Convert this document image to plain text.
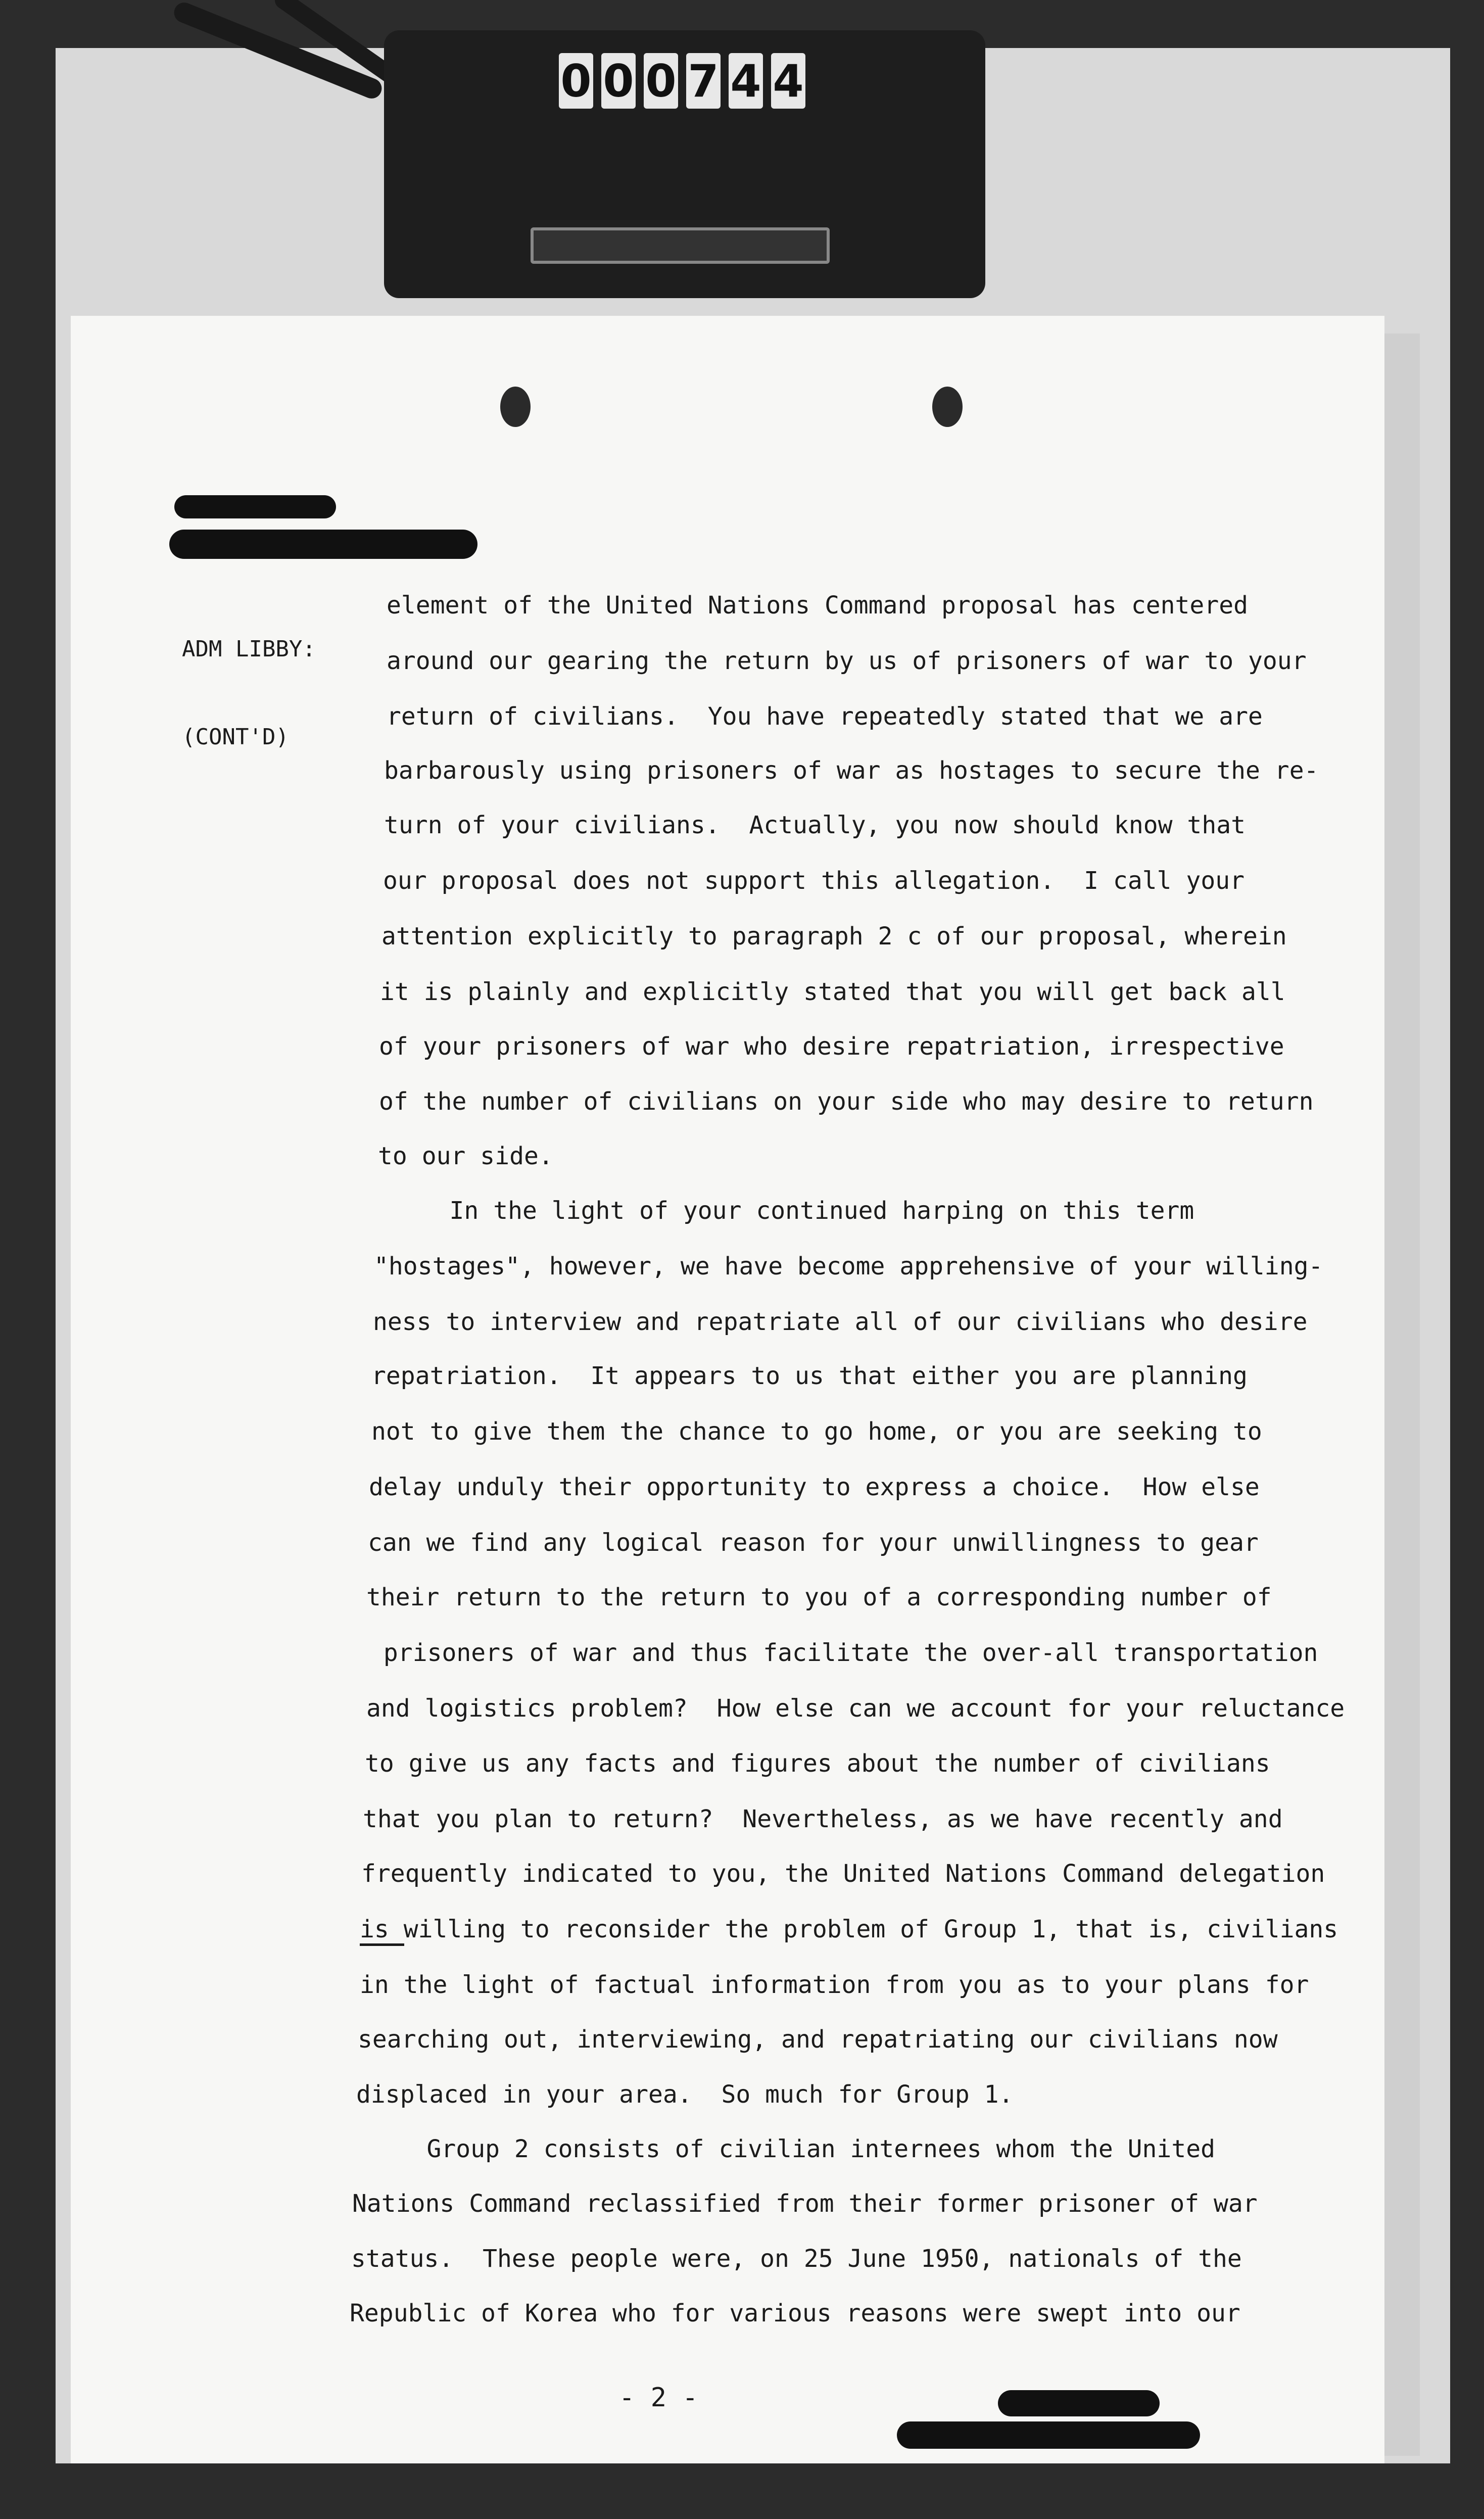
0 0 0 7 4 4

ADM LIBBY:

(CONT'D)

element of the United Nations Command proposal has centered

around our gearing the return by us of prisoners of war to your

return of civilians.  You have repeatedly stated that we are

barbarously using prisoners of war as hostages to secure the re-

turn of your civilians.  Actually, you now should know that

our proposal does not support this allegation.  I call your

attention explicitly to paragraph 2 c of our proposal, wherein

it is plainly and explicitly stated that you will get back all

of your prisoners of war who desire repatriation, irrespective

of the number of civilians on your side who may desire to return

to our side.

In the light of your continued harping on this term

"hostages", however, we have become apprehensive of your willing-

ness to interview and repatriate all of our civilians who desire

repatriation.  It appears to us that either you are planning

not to give them the chance to go home, or you are seeking to

delay unduly their opportunity to express a choice.  How else

can we find any logical reason for your unwillingness to gear

their return to the return to you of a corresponding number of

prisoners of war and thus facilitate the over-all transportation

and logistics problem?  How else can we account for your reluctance

to give us any facts and figures about the number of civilians

that you plan to return?  Nevertheless, as we have recently and

frequently indicated to you, the United Nations Command delegation

is willing to reconsider the problem of Group 1, that is, civilians

in the light of factual information from you as to your plans for

searching out, interviewing, and repatriating our civilians now

displaced in your area.  So much for Group 1.

Group 2 consists of civilian internees whom the United

Nations Command reclassified from their former prisoner of war

status.  These people were, on 25 June 1950, nationals of the

Republic of Korea who for various reasons were swept into our

- 2 -
